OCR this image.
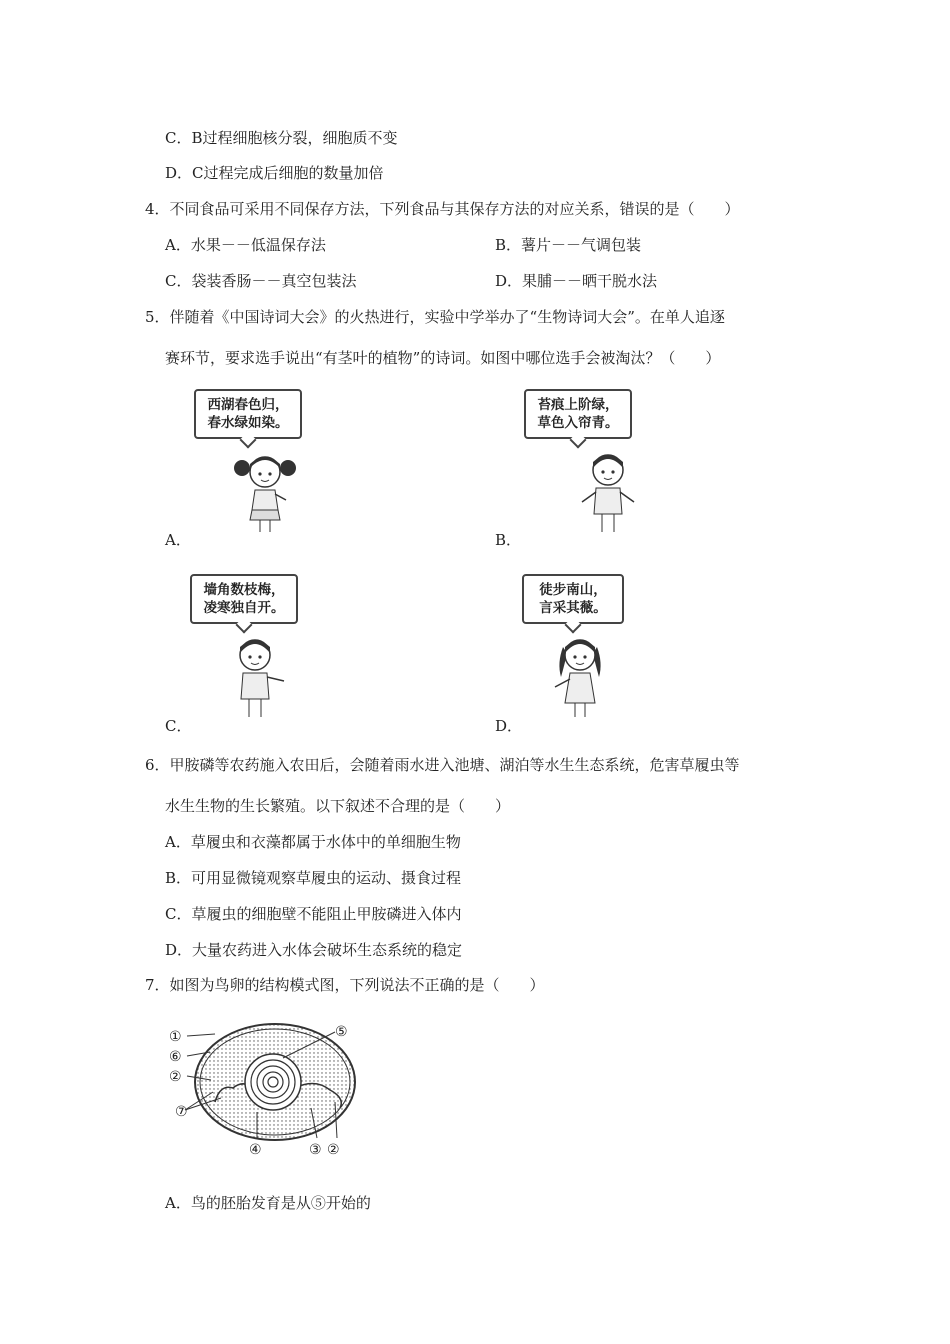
C．B过程细胞核分裂，细胞质不变
D．C过程完成后细胞的数量加倍
4．不同食品可采用不同保存方法，下列食品与其保存方法的对应关系，错误的是（　　）
A．水果－－低温保存法	B．薯片－－气调包装
C．袋装香肠－－真空包装法	D．果脯－－晒干脱水法
5．伴随着《中国诗词大会》的火热进行，实验中学举办了“生物诗词大会”。在单人追逐
赛环节，要求选手说出“有茎叶的植物”的诗词。如图中哪位选手会被淘汰？（　　）
西湖春色归，
春水绿如染。
A．
苔痕上阶绿，
草色入帘青。
B．
墙角数枝梅，
凌寒独自开。
C．
徒步南山，
言采其薇。
D．
6．甲胺磷等农药施入农田后，会随着雨水进入池塘、湖泊等水生生态系统，危害草履虫等
水生生物的生长繁殖。以下叙述不合理的是（　　）
A．草履虫和衣藻都属于水体中的单细胞生物
B．可用显微镜观察草履虫的运动、摄食过程
C．草履虫的细胞壁不能阻止甲胺磷进入体内
D．大量农药进入水体会破坏生态系统的稳定
7．如图为鸟卵的结构模式图，下列说法不正确的是（　　）
①
⑥
②
⑦
⑤
④	③ ②
A．鸟的胚胎发育是从⑤开始的
